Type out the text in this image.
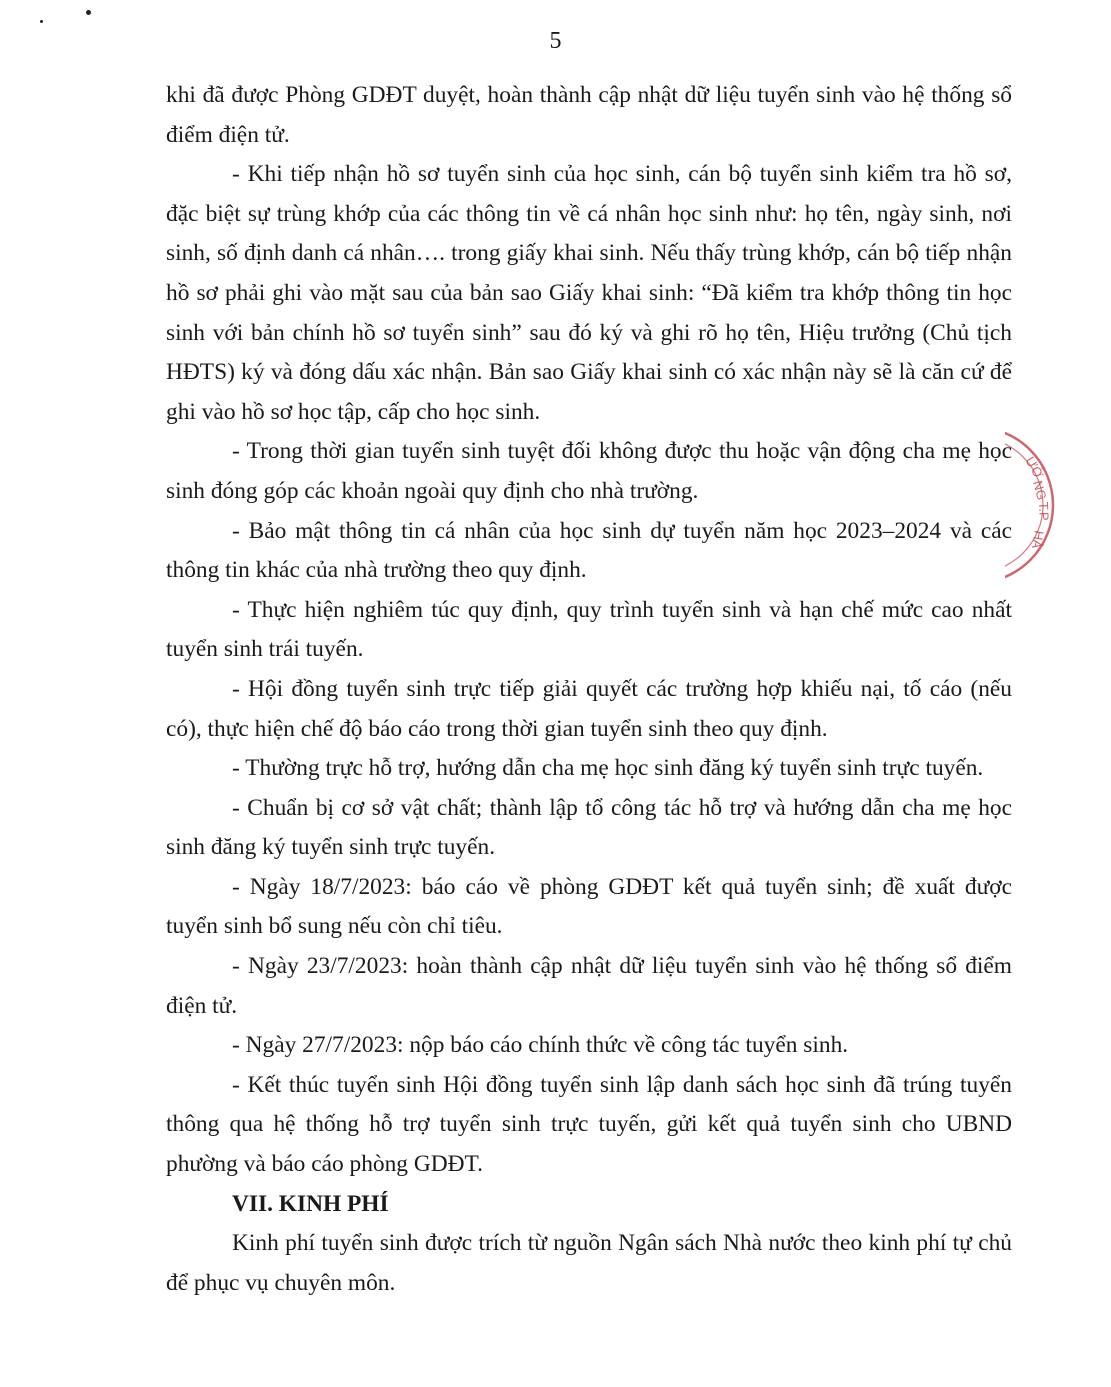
5

khi đã được Phòng GDĐT duyệt, hoàn thành cập nhật dữ liệu tuyển sinh vào hệ thống sổ điểm điện tử.

- Khi tiếp nhận hồ sơ tuyển sinh của học sinh, cán bộ tuyển sinh kiểm tra hồ sơ, đặc biệt sự trùng khớp của các thông tin về cá nhân học sinh như: họ tên, ngày sinh, nơi sinh, số định danh cá nhân…. trong giấy khai sinh. Nếu thấy trùng khớp, cán bộ tiếp nhận hồ sơ phải ghi vào mặt sau của bản sao Giấy khai sinh: “Đã kiểm tra khớp thông tin học sinh với bản chính hồ sơ tuyển sinh” sau đó ký và ghi rõ họ tên, Hiệu trưởng (Chủ tịch HĐTS) ký và đóng dấu xác nhận. Bản sao Giấy khai sinh có xác nhận này sẽ là căn cứ để ghi vào hồ sơ học tập, cấp cho học sinh.

- Trong thời gian tuyển sinh tuyệt đối không được thu hoặc vận động cha mẹ học sinh đóng góp các khoản ngoài quy định cho nhà trường.

- Bảo mật thông tin cá nhân của học sinh dự tuyển năm học 2023–2024 và các thông tin khác của nhà trường theo quy định.

- Thực hiện nghiêm túc quy định, quy trình tuyển sinh và hạn chế mức cao nhất tuyển sinh trái tuyến.

- Hội đồng tuyển sinh trực tiếp giải quyết các trường hợp khiếu nại, tố cáo (nếu có), thực hiện chế độ báo cáo trong thời gian tuyển sinh theo quy định.

- Thường trực hỗ trợ, hướng dẫn cha mẹ học sinh đăng ký tuyển sinh trực tuyến.

- Chuẩn bị cơ sở vật chất; thành lập tổ công tác hỗ trợ và hướng dẫn cha mẹ học sinh đăng ký tuyển sinh trực tuyến.

- Ngày 18/7/2023: báo cáo về phòng GDĐT kết quả tuyển sinh; đề xuất được tuyển sinh bổ sung nếu còn chỉ tiêu.

- Ngày 23/7/2023: hoàn thành cập nhật dữ liệu tuyển sinh vào hệ thống sổ điểm điện tử.

- Ngày 27/7/2023: nộp báo cáo chính thức về công tác tuyển sinh.

- Kết thúc tuyển sinh Hội đồng tuyển sinh lập danh sách học sinh đã trúng tuyển thông qua hệ thống hỗ trợ tuyển sinh trực tuyến, gửi kết quả tuyển sinh cho UBND phường và báo cáo phòng GDĐT.

VII. KINH PHÍ

Kinh phí tuyển sinh được trích từ nguồn Ngân sách Nhà nước theo kinh phí tự chủ để phục vụ chuyên môn.

ƯỜ
NG
T.P
HÀ
